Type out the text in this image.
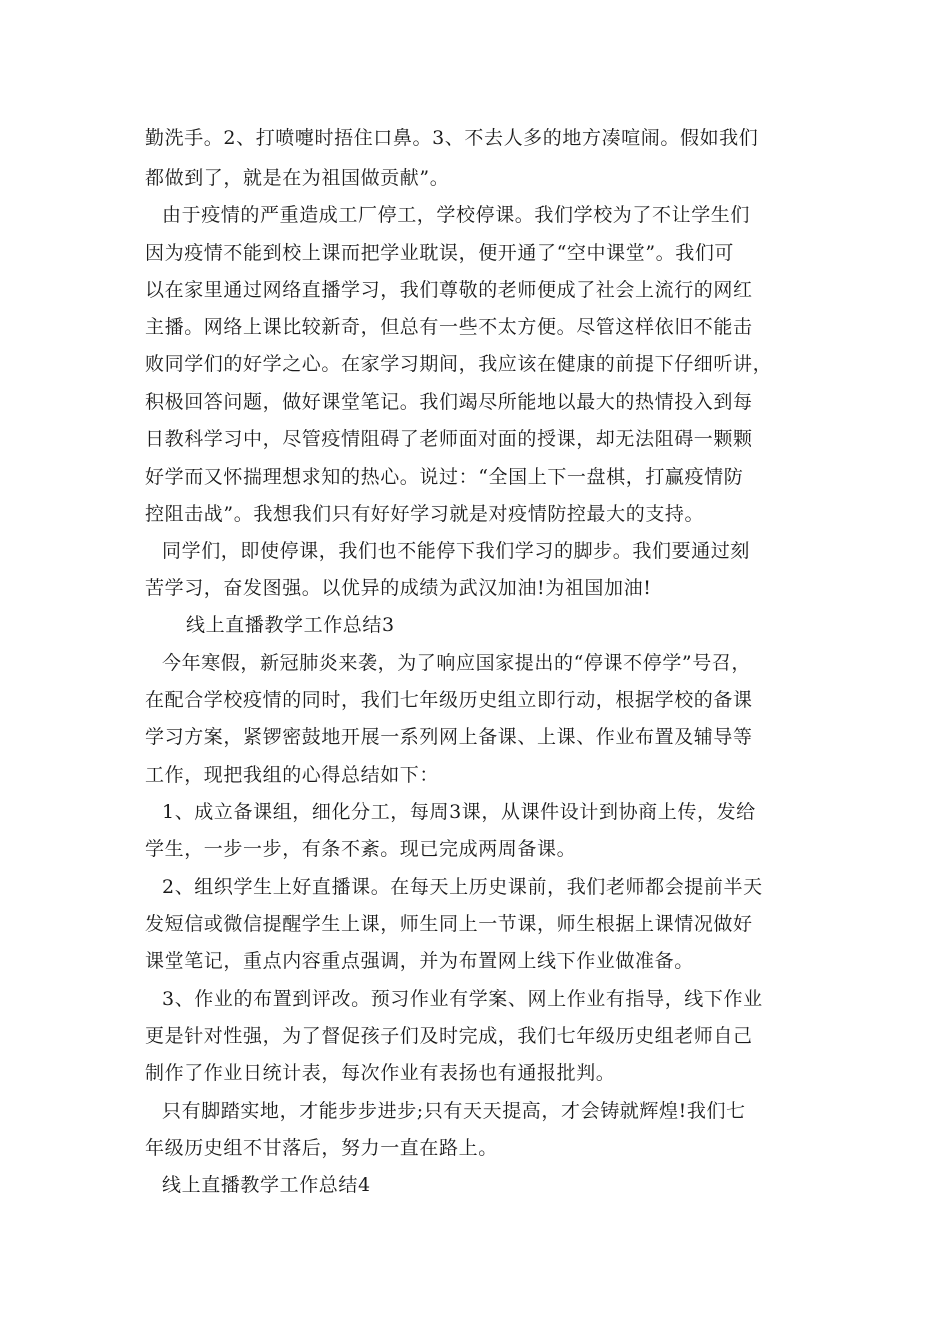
勤洗手。2、打喷嚏时捂住口鼻。3、不去人多的地方凑喧闹。假如我们
都做到了，就是在为祖国做贡献”。
由于疫情的严重造成工厂停工，学校停课。我们学校为了不让学生们
因为疫情不能到校上课而把学业耽误，便开通了“空中课堂”。我们可
以在家里通过网络直播学习，我们尊敬的老师便成了社会上流行的网红
主播。网络上课比较新奇，但总有一些不太方便。尽管这样依旧不能击
败同学们的好学之心。在家学习期间，我应该在健康的前提下仔细听讲，
积极回答问题，做好课堂笔记。我们竭尽所能地以最大的热情投入到每
日教科学习中，尽管疫情阻碍了老师面对面的授课，却无法阻碍一颗颗
好学而又怀揣理想求知的热心。说过：“全国上下一盘棋，打赢疫情防
控阻击战”。我想我们只有好好学习就是对疫情防控最大的支持。
同学们，即使停课，我们也不能停下我们学习的脚步。我们要通过刻
苦学习，奋发图强。以优异的成绩为武汉加油!为祖国加油!
线上直播教学工作总结3
今年寒假，新冠肺炎来袭，为了响应国家提出的“停课不停学”号召，
在配合学校疫情的同时，我们七年级历史组立即行动，根据学校的备课
学习方案，紧锣密鼓地开展一系列网上备课、上课、作业布置及辅导等
工作，现把我组的心得总结如下：
1、成立备课组，细化分工，每周3课，从课件设计到协商上传，发给
学生，一步一步，有条不紊。现已完成两周备课。
2、组织学生上好直播课。在每天上历史课前，我们老师都会提前半天
发短信或微信提醒学生上课，师生同上一节课，师生根据上课情况做好
课堂笔记，重点内容重点强调，并为布置网上线下作业做准备。
3、作业的布置到评改。预习作业有学案、网上作业有指导，线下作业
更是针对性强，为了督促孩子们及时完成，我们七年级历史组老师自己
制作了作业日统计表，每次作业有表扬也有通报批判。
只有脚踏实地，才能步步进步;只有天天提高，才会铸就辉煌!我们七
年级历史组不甘落后，努力一直在路上。
线上直播教学工作总结4
